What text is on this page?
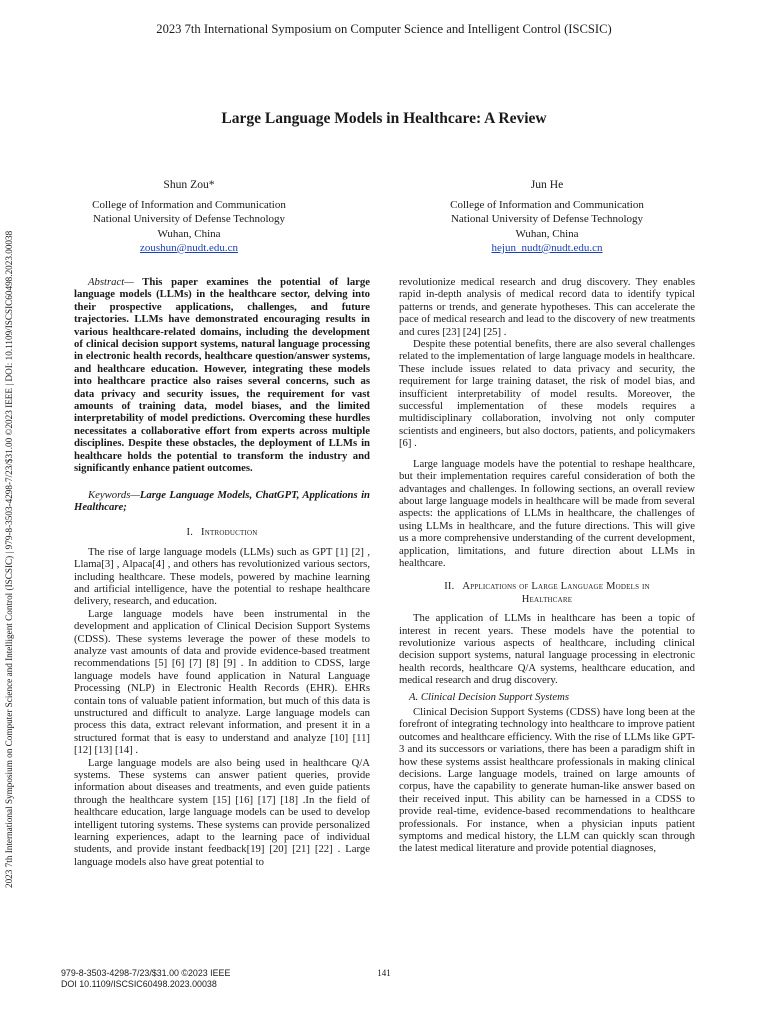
2023 7th International Symposium on Computer Science and Intelligent Control (ISCSIC)
2023 7th International Symposium on Computer Science and Intelligent Control (ISCSIC) | 979-8-3503-4298-7/23/$31.00 ©2023 IEEE | DOI: 10.1109/ISCSIC60498.2023.00038
Large Language Models in Healthcare: A Review
Shun Zou*
College of Information and Communication
National University of Defense Technology
Wuhan, China
zoushun@nudt.edu.cn
Jun He
College of Information and Communication
National University of Defense Technology
Wuhan, China
hejun_nudt@nudt.edu.cn

Abstract— This paper examines the potential of large language models (LLMs) in the healthcare sector, delving into their prospective applications, challenges, and future trajectories. LLMs have demonstrated encouraging results in various healthcare-related domains, including the development of clinical decision support systems, natural language processing in electronic health records, healthcare question/answer systems, and healthcare education. However, integrating these models into healthcare practice also raises several concerns, such as data privacy and security issues, the requirement for vast amounts of training data, model biases, and the limited interpretability of model predictions. Overcoming these hurdles necessitates a collaborative effort from experts across multiple disciplines. Despite these obstacles, the deployment of LLMs in healthcare holds the potential to transform the industry and significantly enhance patient outcomes.

Keywords—Large Language Models, ChatGPT, Applications in Healthcare;

I. Introduction

The rise of large language models (LLMs) such as GPT [1] [2] , Llama[3] , Alpaca[4] , and others has revolutionized various sectors, including healthcare. These models, powered by machine learning and artificial intelligence, have the potential to reshape healthcare delivery, research, and education.

Large language models have been instrumental in the development and application of Clinical Decision Support Systems (CDSS). These systems leverage the power of these models to analyze vast amounts of data and provide evidence-based treatment recommendations [5] [6] [7] [8] [9] . In addition to CDSS, large language models have found application in Natural Language Processing (NLP) in Electronic Health Records (EHR). EHRs contain tons of valuable patient information, but much of this data is unstructured and difficult to analyze. Large language models can process this data, extract relevant information, and present it in a structured format that is easy to understand and analyze [10] [11] [12] [13] [14] .

Large language models are also being used in healthcare Q/A systems. These systems can answer patient queries, provide information about diseases and treatments, and even guide patients through the healthcare system [15] [16] [17] [18] .In the field of healthcare education, large language models can be used to develop intelligent tutoring systems. These systems can provide personalized learning experiences, adapt to the learning pace of individual students, and provide instant feedback[19] [20] [21] [22] . Large language models also have great potential to

revolutionize medical research and drug discovery. They enables rapid in-depth analysis of medical record data to identify typical patterns or trends, and generate hypotheses. This can accelerate the pace of medical research and lead to the discovery of new treatments and cures [23] [24] [25] .

Despite these potential benefits, there are also several challenges related to the implementation of large language models in healthcare. These include issues related to data privacy and security, the requirement for large training dataset, the risk of model bias, and insufficient interpretability of model results. Moreover, the successful implementation of these models requires a multidisciplinary collaboration, involving not only computer scientists and engineers, but also doctors, patients, and policymakers [6] .

Large language models have the potential to reshape healthcare, but their implementation requires careful consideration of both the advantages and challenges. In following sections, an overall review about large language models in healthcare will be made from several aspects: the applications of LLMs in healthcare, the challenges of using LLMs in healthcare, and the future directions. This will give us a more comprehensive understanding of the current development, application, limitations, and future direction about LLMs in healthcare.

II. Applications of Large Language Models in
Healthcare

The application of LLMs in healthcare has been a topic of interest in recent years. These models have the potential to revolutionize various aspects of healthcare, including clinical decision support systems, natural language processing in electronic health records, healthcare Q/A systems, healthcare education, and medical research and drug discovery.

A. Clinical Decision Support Systems

Clinical Decision Support Systems (CDSS) have long been at the forefront of integrating technology into healthcare to improve patient outcomes and healthcare efficiency. With the rise of LLMs like GPT-3 and its successors or variations, there has been a paradigm shift in how these systems assist healthcare professionals in making clinical decisions. Large language models, trained on large amounts of corpus, have the capability to generate human-like answer based on their received input. This ability can be harnessed in a CDSS to provide real-time, evidence-based recommendations to healthcare professionals. For instance, when a physician inputs patient symptoms and medical history, the LLM can quickly scan through the latest medical literature and provide potential diagnoses,

979-8-3503-4298-7/23/$31.00 ©2023 IEEE
DOI 10.1109/ISCSIC60498.2023.00038
141
